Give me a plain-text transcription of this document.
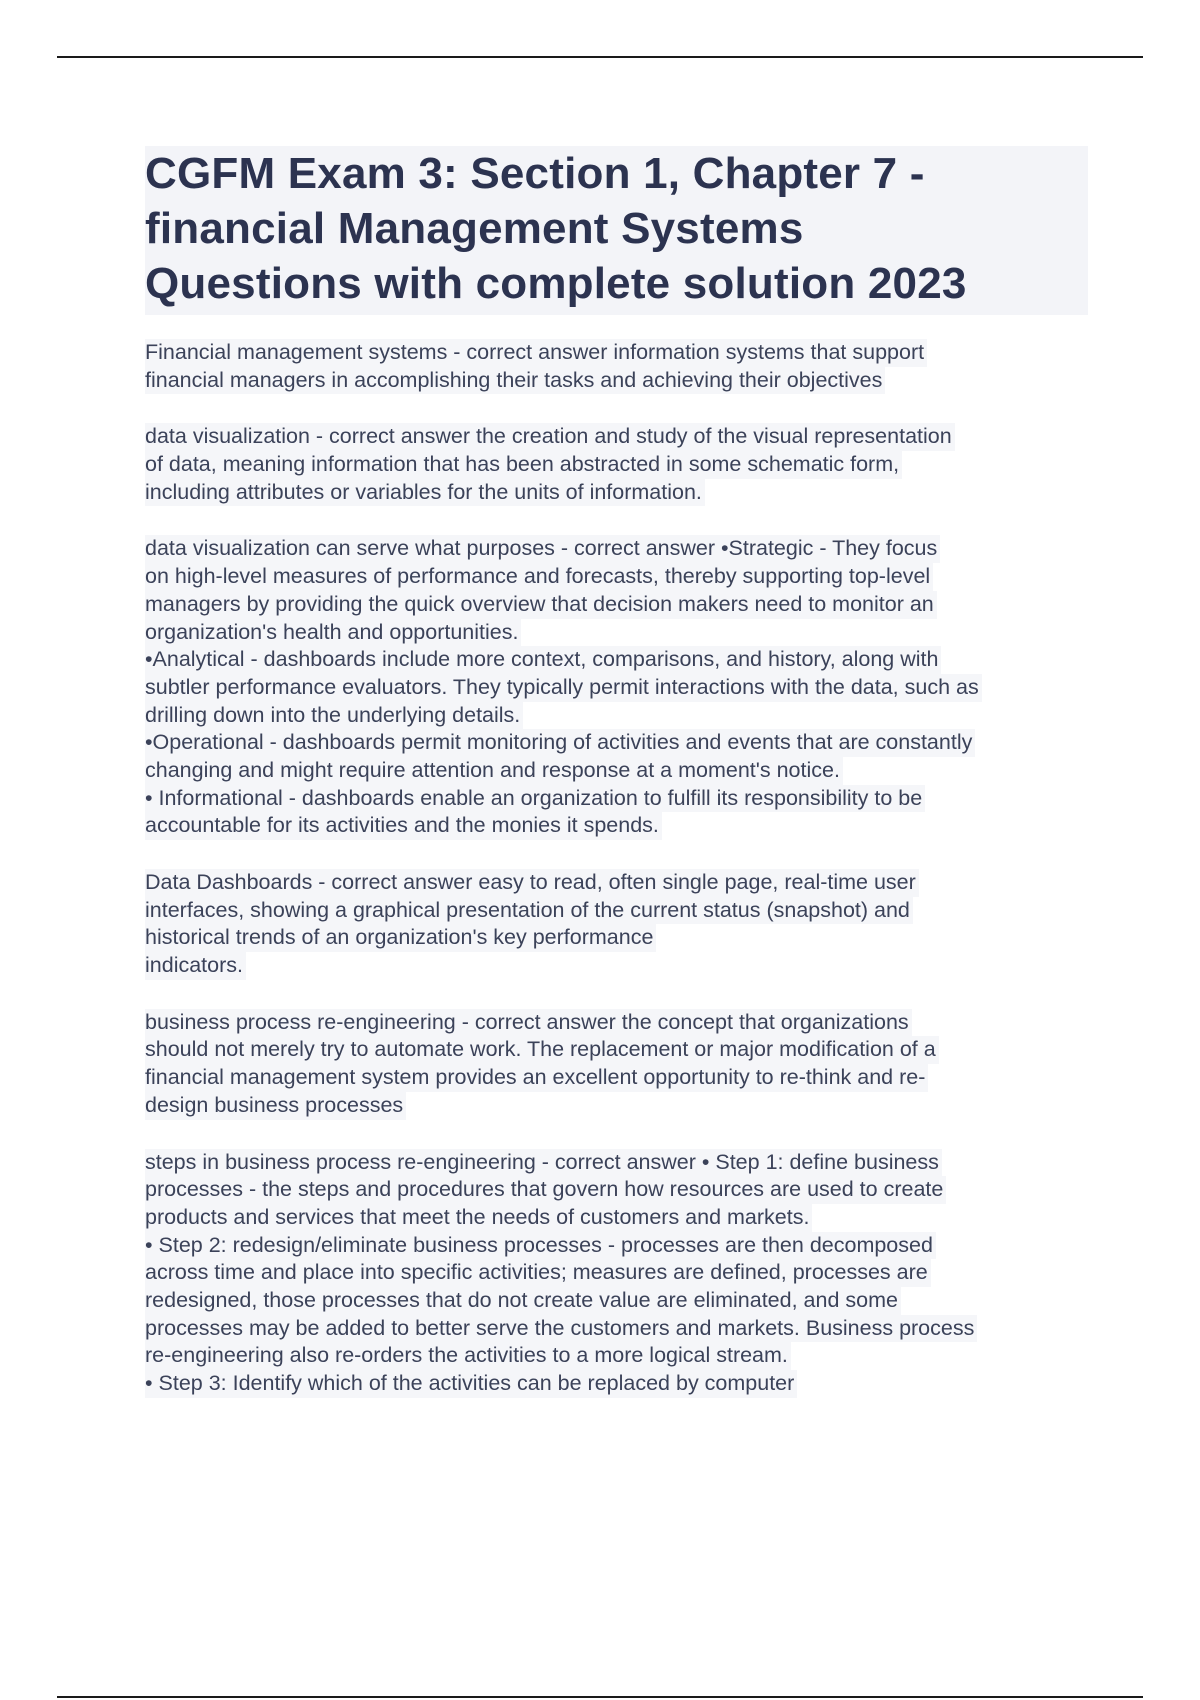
CGFM Exam 3: Section 1, Chapter 7 -
financial Management Systems
Questions with complete solution 2023
Financial management systems - correct answer information systems that support
financial managers in accomplishing their tasks and achieving their objectives
data visualization - correct answer the creation and study of the visual representation
of data, meaning information that has been abstracted in some schematic form,
including attributes or variables for the units of information.
data visualization can serve what purposes - correct answer •Strategic - They focus
on high-level measures of performance and forecasts, thereby supporting top-level
managers by providing the quick overview that decision makers need to monitor an
organization's health and opportunities.
•Analytical - dashboards include more context, comparisons, and history, along with
subtler performance evaluators. They typically permit interactions with the data, such as
drilling down into the underlying details.
•Operational - dashboards permit monitoring of activities and events that are constantly
changing and might require attention and response at a moment's notice.
• Informational - dashboards enable an organization to fulfill its responsibility to be
accountable for its activities and the monies it spends.
Data Dashboards - correct answer easy to read, often single page, real-time user
interfaces, showing a graphical presentation of the current status (snapshot) and
historical trends of an organization's key performance
indicators.
business process re-engineering - correct answer the concept that organizations
should not merely try to automate work. The replacement or major modification of a
financial management system provides an excellent opportunity to re-think and re-
design business processes
steps in business process re-engineering - correct answer • Step 1: define business
processes - the steps and procedures that govern how resources are used to create
products and services that meet the needs of customers and markets.
• Step 2: redesign/eliminate business processes - processes are then decomposed
across time and place into specific activities; measures are defined, processes are
redesigned, those processes that do not create value are eliminated, and some
processes may be added to better serve the customers and markets. Business process
re-engineering also re-orders the activities to a more logical stream.
• Step 3: Identify which of the activities can be replaced by computer
